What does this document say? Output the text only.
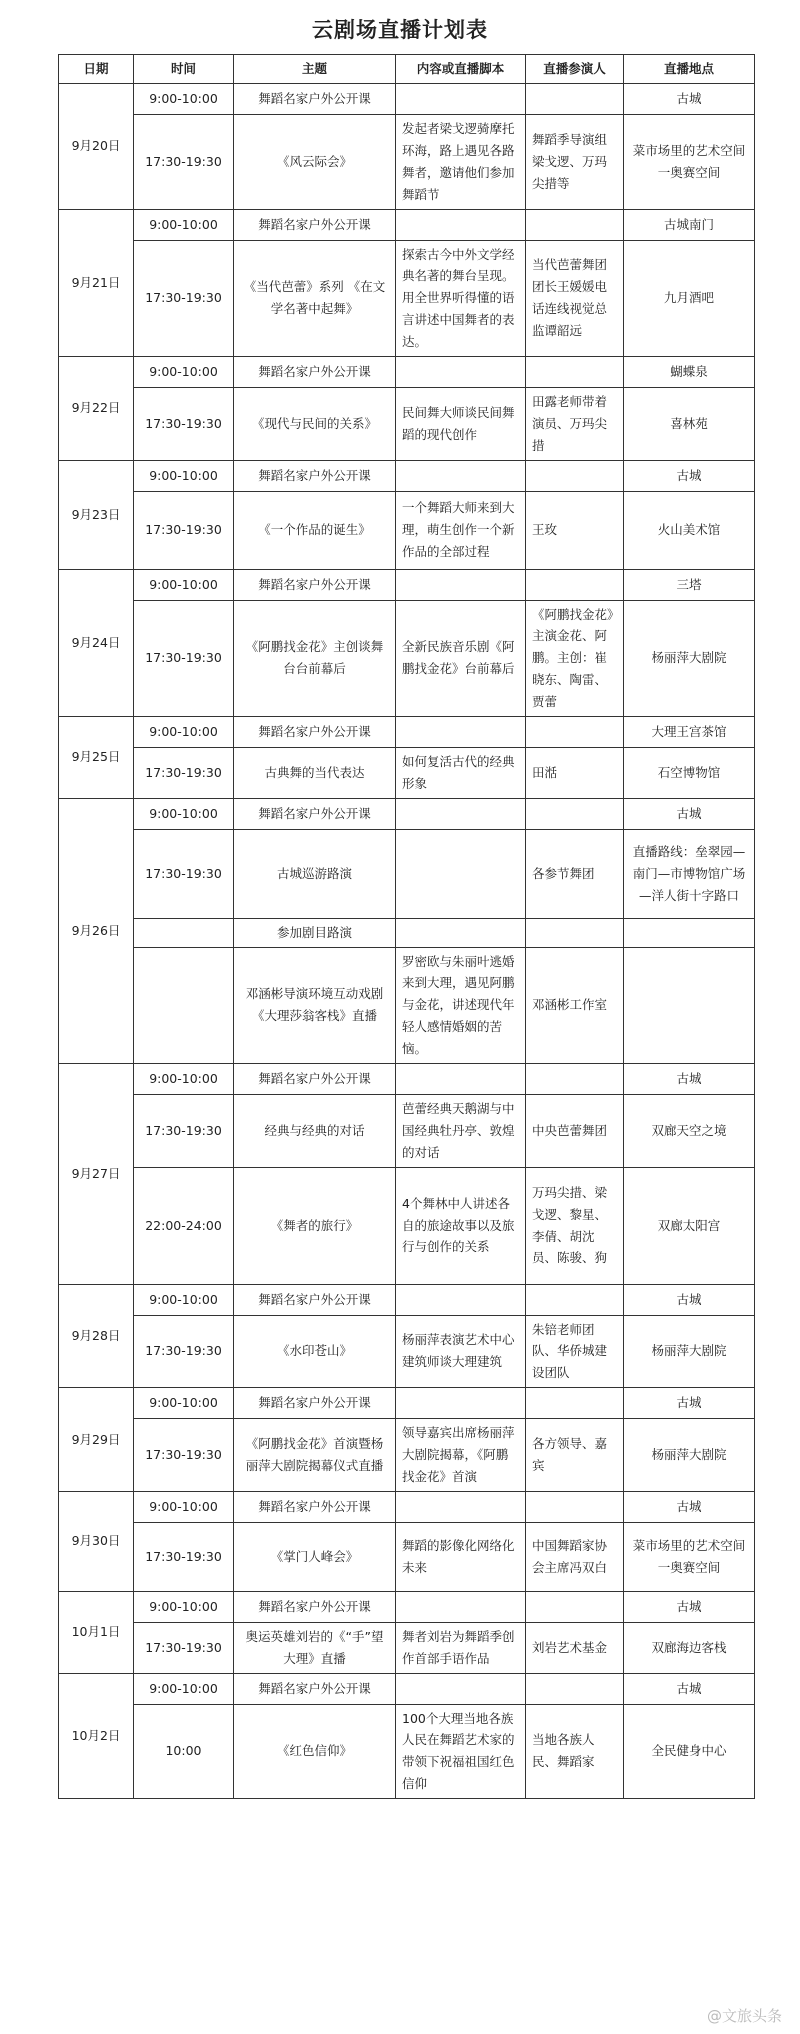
云剧场直播计划表
日期	时间	主题	内容或直播脚本	直播参演人	直播地点
9月20日	9:00-10:00	舞蹈名家户外公开课			古城
	17:30-19:30	《风云际会》	发起者梁戈逻骑摩托环海，路上遇见各路舞者，邀请他们参加舞蹈节	舞蹈季导演组梁戈逻、万玛尖措等	菜市场里的艺术空间一奥赛空间
9月21日	9:00-10:00	舞蹈名家户外公开课			古城南门
	17:30-19:30	《当代芭蕾》系列 《在文学名著中起舞》	探索古今中外文学经典名著的舞台呈现。用全世界听得懂的语言讲述中国舞者的表达。	当代芭蕾舞团团长王媛媛电话连线视觉总监谭韶远	九月酒吧
9月22日	9:00-10:00	舞蹈名家户外公开课			蝴蝶泉
	17:30-19:30	《现代与民间的关系》	民间舞大师谈民间舞蹈的现代创作	田露老师带着演员、万玛尖措	喜林苑
9月23日	9:00-10:00	舞蹈名家户外公开课			古城
	17:30-19:30	《一个作品的诞生》	一个舞蹈大师来到大理，萌生创作一个新作品的全部过程	王玫	火山美术馆
9月24日	9:00-10:00	舞蹈名家户外公开课			三塔
	17:30-19:30	《阿鹏找金花》主创谈舞台台前幕后	全新民族音乐剧《阿鹏找金花》台前幕后	《阿鹏找金花》主演金花、阿鹏。主创：崔晓东、陶雷、贾蕾	杨丽萍大剧院
9月25日	9:00-10:00	舞蹈名家户外公开课			大理王宫茶馆
	17:30-19:30	古典舞的当代表达	如何复活古代的经典形象	田湉	石空博物馆
9月26日	9:00-10:00	舞蹈名家户外公开课			古城
	17:30-19:30	古城巡游路演		各参节舞团	直播路线：垒翠园—南门—市博物馆广场—洋人街十字路口
		参加剧目路演			
		邓涵彬导演环境互动戏剧《大理莎翁客栈》直播	罗密欧与朱丽叶逃婚来到大理，遇见阿鹏与金花，讲述现代年轻人感情婚姻的苦恼。	邓涵彬工作室	
9月27日	9:00-10:00	舞蹈名家户外公开课			古城
	17:30-19:30	经典与经典的对话	芭蕾经典天鹅湖与中国经典牡丹亭、敦煌的对话	中央芭蕾舞团	双廊天空之境
	22:00-24:00	《舞者的旅行》	4个舞林中人讲述各自的旅途故事以及旅行与创作的关系	万玛尖措、梁戈逻、黎星、李倩、胡沈员、陈骏、狗	双廊太阳宫
9月28日	9:00-10:00	舞蹈名家户外公开课			古城
	17:30-19:30	《水印苍山》	杨丽萍表演艺术中心建筑师谈大理建筑	朱锫老师团队、华侨城建设团队	杨丽萍大剧院
9月29日	9:00-10:00	舞蹈名家户外公开课			古城
	17:30-19:30	《阿鹏找金花》首演暨杨丽萍大剧院揭幕仪式直播	领导嘉宾出席杨丽萍大剧院揭幕，《阿鹏找金花》首演	各方领导、嘉宾	杨丽萍大剧院
9月30日	9:00-10:00	舞蹈名家户外公开课			古城
	17:30-19:30	《掌门人峰会》	舞蹈的影像化网络化未来	中国舞蹈家协会主席冯双白	菜市场里的艺术空间一奥赛空间
10月1日	9:00-10:00	舞蹈名家户外公开课			古城
	17:30-19:30	奥运英雄刘岩的《“手”望大理》直播	舞者刘岩为舞蹈季创作首部手语作品	刘岩艺术基金	双廊海边客栈
10月2日	9:00-10:00	舞蹈名家户外公开课			古城
	10:00	《红色信仰》	100个大理当地各族人民在舞蹈艺术家的带领下祝福祖国红色信仰	当地各族人民、舞蹈家	全民健身中心
@文旅头条
